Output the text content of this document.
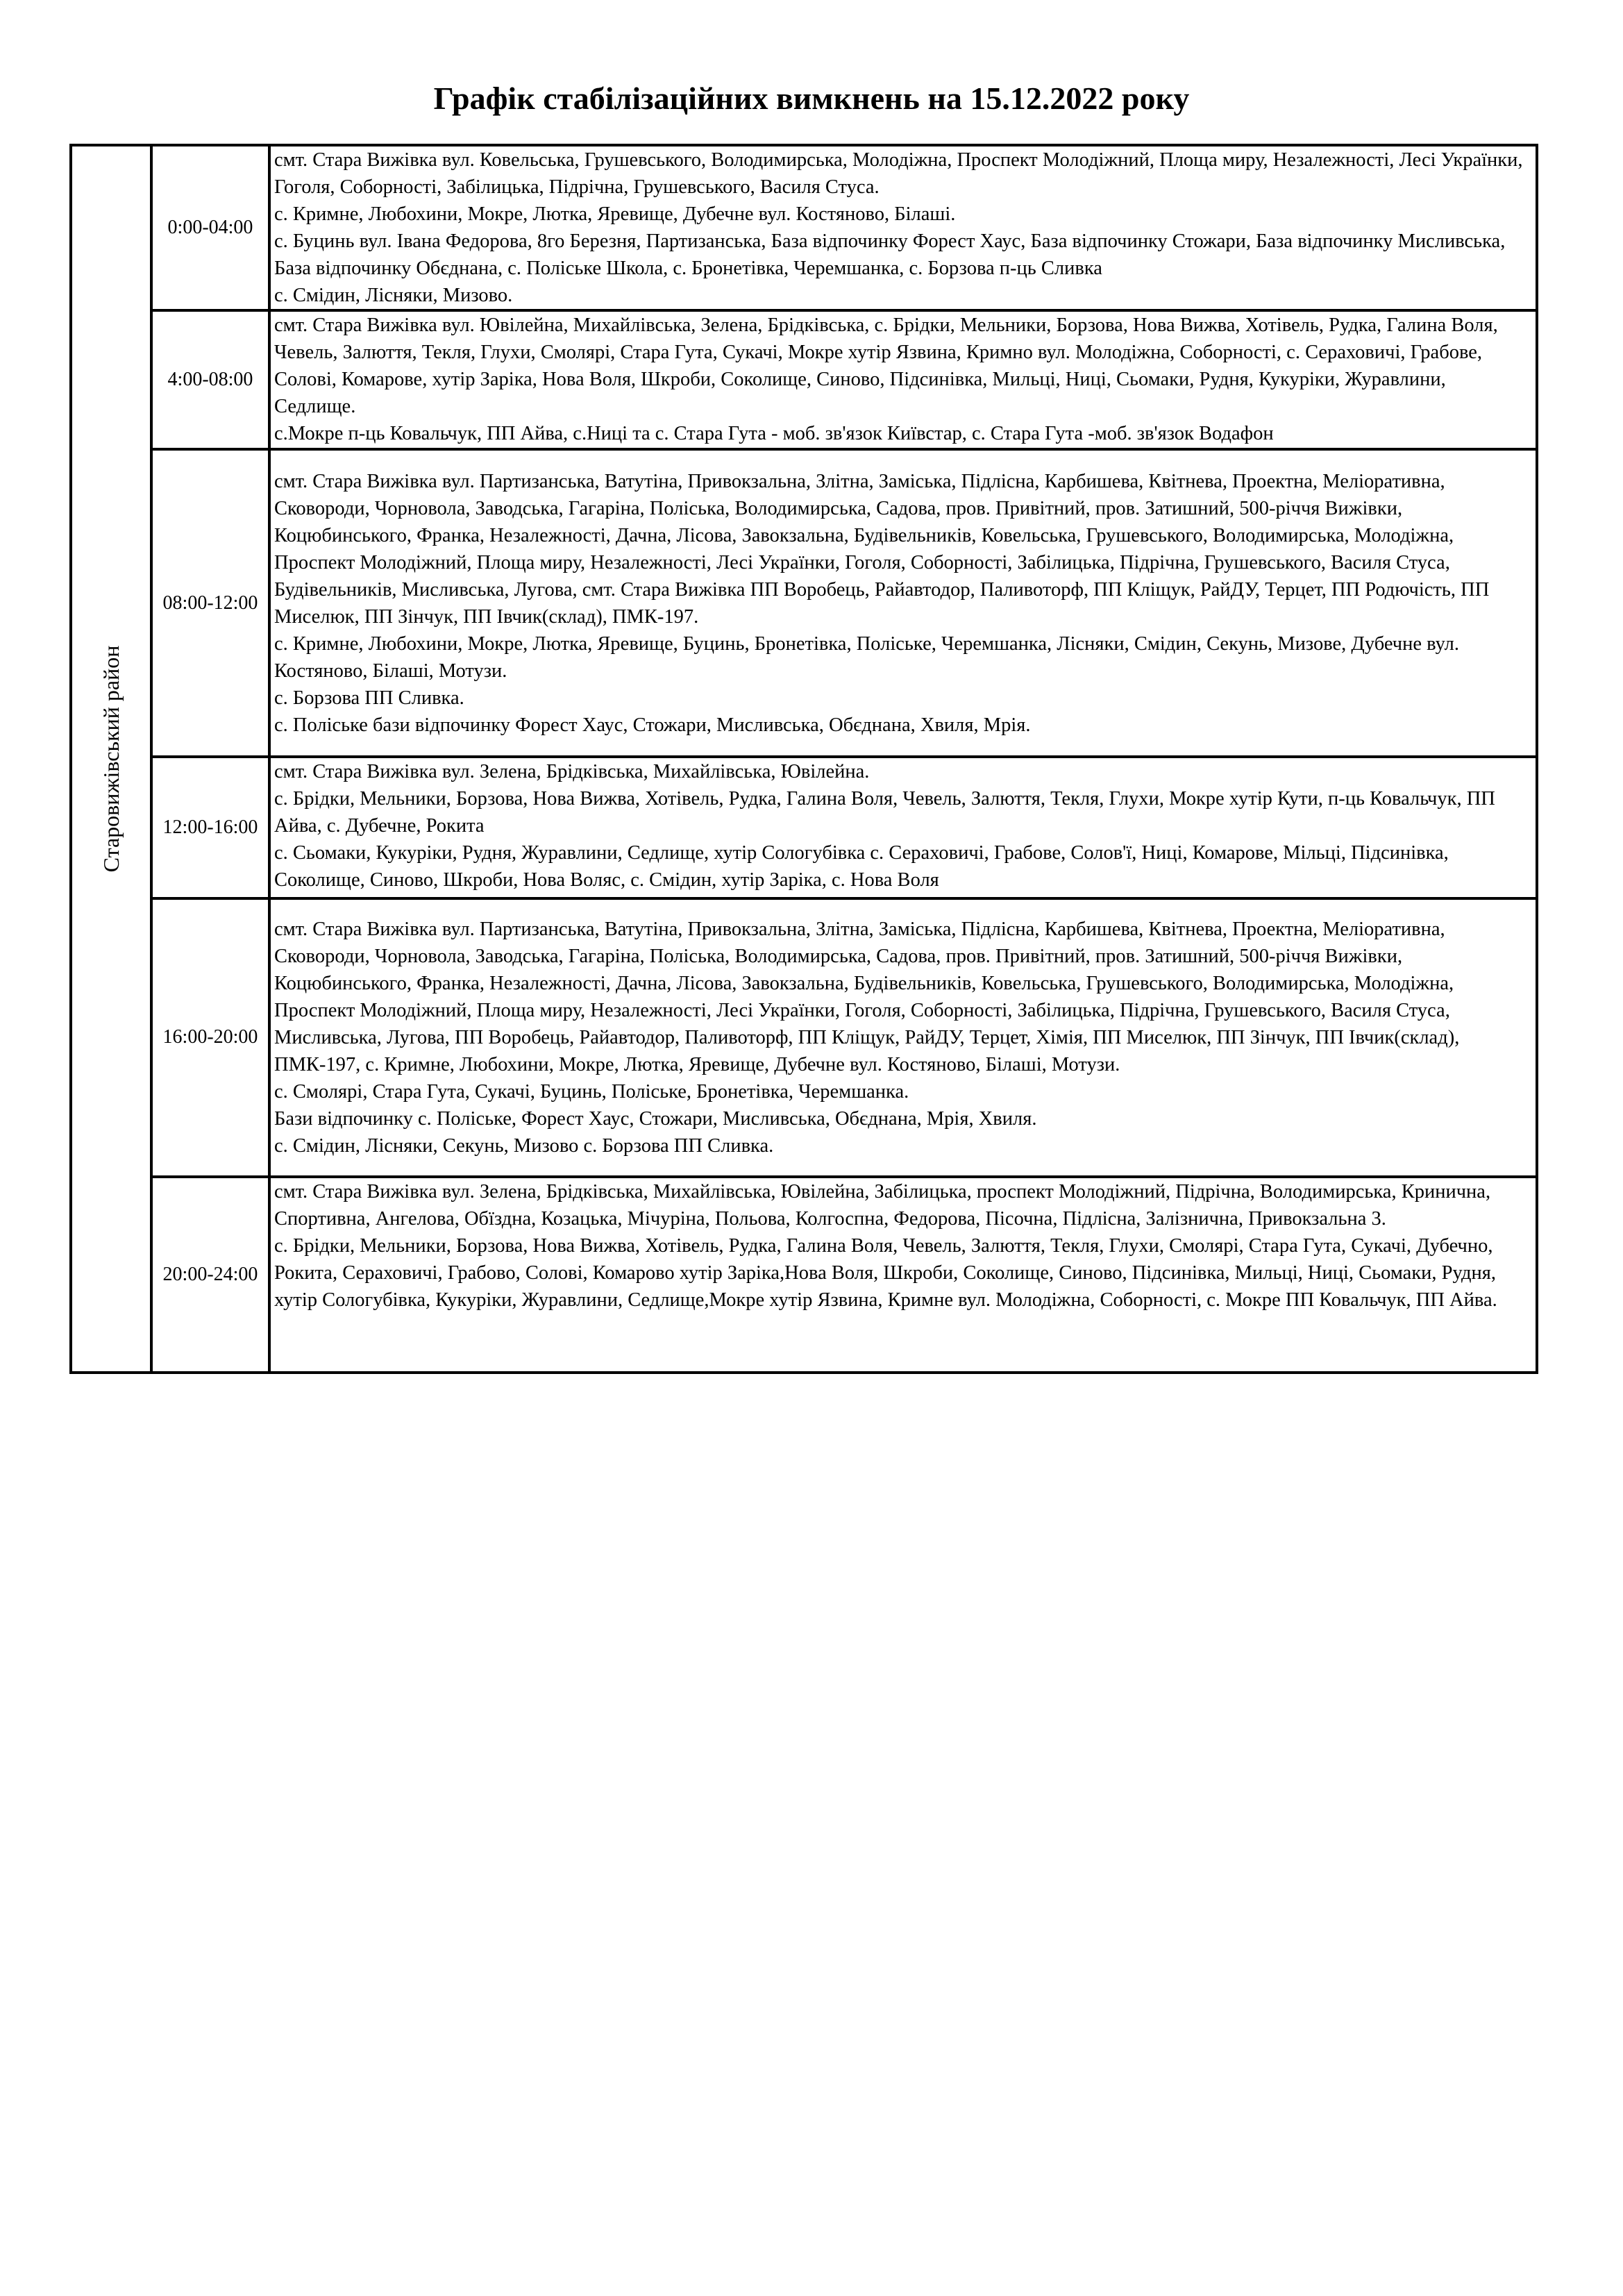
Графік стабілізаційних вимкнень на 15.12.2022 року
Старовижівський район	0:00-04:00	смт. Стара Вижівка вул. Ковельська, Грушевського, Володимирська, Молодіжна, Проспект Молодіжний, Площа миру, Незалежності, Лесі Українки, Гоголя, Соборності, Забілицька, Підрічна, Грушевського, Василя Стуса.

с. Кримне, Любохини, Мокре, Лютка, Яревище, Дубечне вул. Костяново, Білаші.

с. Буцинь вул. Івана Федорова, 8го Березня, Партизанська, База відпочинку Форест Хаус, База відпочинку Стожари, База відпочинку Мисливська, База відпочинку Обєднана, с. Поліське Школа, с. Бронетівка, Черемшанка, с. Борзова п-ць Сливка

с. Смідин, Лісняки, Мизово.

	4:00-08:00	смт. Стара Вижівка вул. Ювілейна, Михайлівська, Зелена, Брідківська, с. Брідки, Мельники, Борзова, Нова Вижва, Хотівель, Рудка, Галина Воля, Чевель, Залюття, Текля, Глухи, Смолярі, Стара Гута, Сукачі, Мокре хутір Язвина, Кримно вул. Молодіжна, Соборності, с. Сераховичі, Грабове, Солові, Комарове, хутір Заріка, Нова Воля, Шкроби, Соколище, Синово, Підсинівка, Мильці, Ниці, Сьомаки, Рудня, Кукуріки, Журавлини, Седлище.

с.Мокре п-ць Ковальчук, ПП Айва, с.Ниці та с. Стара Гута - моб. зв'язок Київстар, с. Стара Гута -моб. зв'язок Водафон

	08:00-12:00	смт. Стара Вижівка вул. Партизанська, Ватутіна, Привокзальна, Злітна, Заміська, Підлісна, Карбишева, Квітнева, Проектна, Меліоративна, Сковороди, Чорновола, Заводська, Гагаріна, Поліська, Володимирська, Садова, пров. Привітний, пров. Затишний, 500-річчя Вижівки, Коцюбинського, Франка, Незалежності, Дачна, Лісова, Завокзальна, Будівельників, Ковельська, Грушевського, Володимирська, Молодіжна, Проспект Молодіжний, Площа миру, Незалежності, Лесі Українки, Гоголя, Соборності, Забілицька, Підрічна, Грушевського, Василя Стуса, Будівельників, Мисливська, Лугова, смт. Стара Вижівка ПП Воробець, Райавтодор, Паливоторф, ПП Кліщук, РайДУ, Терцет, ПП Родючість, ПП Миселюк, ПП Зінчук, ПП Івчик(склад), ПМК-197.

с. Кримне, Любохини, Мокре, Лютка, Яревище, Буцинь, Бронетівка, Поліське, Черемшанка, Лісняки, Смідин, Секунь, Мизове, Дубечне вул. Костяново, Білаші, Мотузи.

с. Борзова ПП Сливка.

с. Поліське бази відпочинку Форест Хаус, Стожари, Мисливська, Обєднана, Хвиля, Мрія.

	12:00-16:00	смт. Стара Вижівка вул. Зелена, Брідківська, Михайлівська, Ювілейна.

с. Брідки, Мельники, Борзова, Нова Вижва, Хотівель, Рудка, Галина Воля, Чевель, Залюття, Текля, Глухи, Мокре хутір Кути, п-ць Ковальчук, ПП Айва, с. Дубечне, Рокита

с. Сьомаки, Кукуріки, Рудня, Журавлини, Седлище, хутір Сологубівка с. Сераховичі, Грабове, Солов'ї, Ниці, Комарове, Мільці, Підсинівка, Соколище, Синово, Шкроби, Нова Воляс, с. Смідин, хутір Заріка, с. Нова Воля

	16:00-20:00	смт. Стара Вижівка вул. Партизанська, Ватутіна, Привокзальна, Злітна, Заміська, Підлісна, Карбишева, Квітнева, Проектна, Меліоративна, Сковороди, Чорновола, Заводська, Гагаріна, Поліська, Володимирська, Садова, пров. Привітний, пров. Затишний, 500-річчя Вижівки, Коцюбинського, Франка, Незалежності, Дачна, Лісова, Завокзальна, Будівельників, Ковельська, Грушевського, Володимирська, Молодіжна, Проспект Молодіжний, Площа миру, Незалежності, Лесі Українки, Гоголя, Соборності, Забілицька, Підрічна, Грушевського, Василя Стуса, Мисливська, Лугова, ПП Воробець, Райавтодор, Паливоторф, ПП Кліщук, РайДУ, Терцет, Хімія, ПП Миселюк, ПП Зінчук, ПП Івчик(склад), ПМК-197, с. Кримне, Любохини, Мокре, Лютка, Яревище, Дубечне вул. Костяново, Білаші, Мотузи.

с. Смолярі, Стара Гута, Сукачі, Буцинь, Поліське, Бронетівка, Черемшанка.

Бази відпочинку с. Поліське, Форест Хаус, Стожари, Мисливська, Обєднана, Мрія, Хвиля.

с. Смідин, Лісняки, Секунь, Мизово с. Борзова ПП Сливка.

	20:00-24:00	смт. Стара Вижівка вул. Зелена, Брідківська, Михайлівська, Ювілейна, Забілицька, проспект Молодіжний, Підрічна, Володимирська, Кринична, Спортивна, Ангелова, Обїздна, Козацька, Мічуріна, Польова, Колгоспна, Федорова, Пісочна, Підлісна, Залізнична, Привокзальна 3.

с. Брідки, Мельники, Борзова, Нова Вижва, Хотівель, Рудка, Галина Воля, Чевель, Залюття, Текля, Глухи, Смолярі, Стара Гута, Сукачі, Дубечно, Рокита, Сераховичі, Грабово, Солові, Комарово хутір Заріка,Нова Воля, Шкроби, Соколище, Синово, Підсинівка, Мильці, Ниці, Сьомаки, Рудня, хутір Сологубівка, Кукуріки, Журавлини, Седлище,Мокре хутір Язвина, Кримне вул. Молодіжна, Соборності, с. Мокре ПП Ковальчук, ПП Айва.
